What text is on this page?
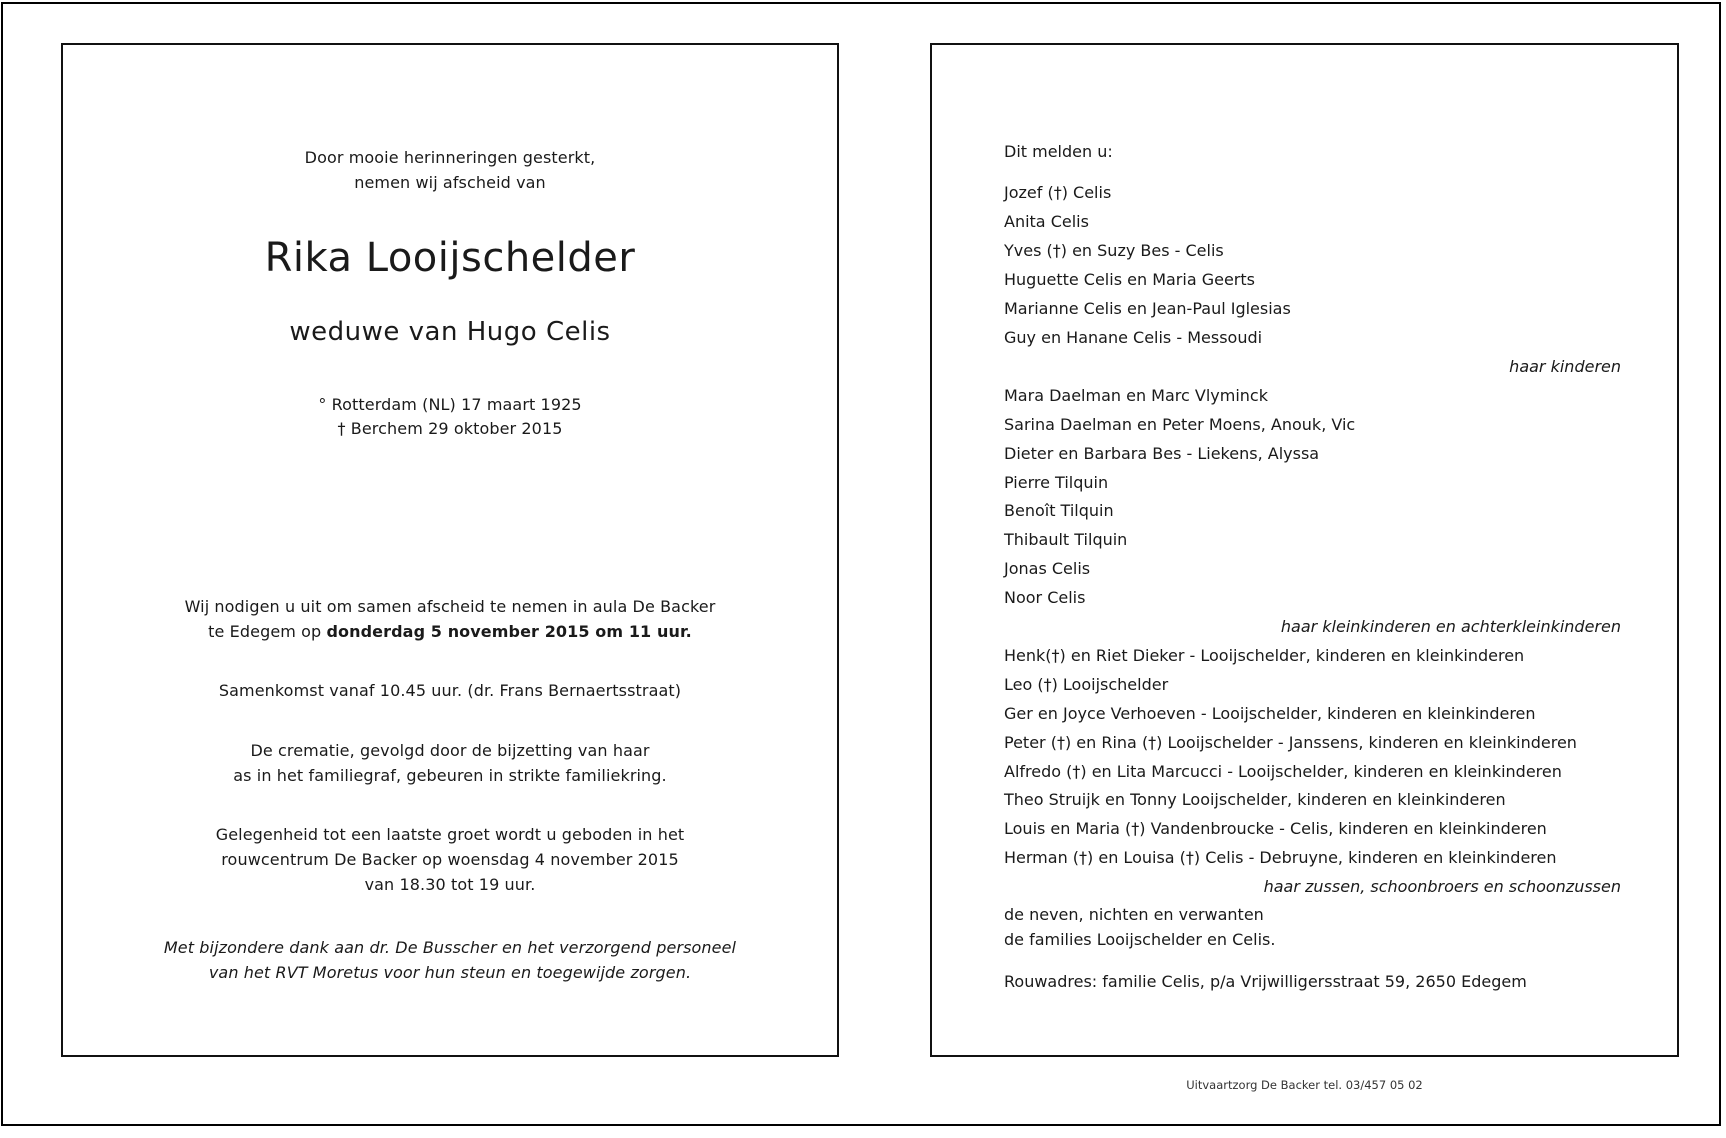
Door mooie herinneringen gesterkt,
nemen wij afscheid van
Rika Looijschelder
weduwe van Hugo Celis
° Rotterdam (NL) 17 maart 1925
† Berchem 29 oktober 2015
Wij nodigen u uit om samen afscheid te nemen in aula De Backer
te Edegem op donderdag 5 november 2015 om 11 uur.
Samenkomst vanaf 10.45 uur. (dr. Frans Bernaertsstraat)
De crematie, gevolgd door de bijzetting van haar
as in het familiegraf, gebeuren in strikte familiekring.
Gelegenheid tot een laatste groet wordt u geboden in het
rouwcentrum De Backer op woensdag 4 november 2015
van 18.30 tot 19 uur.
Met bijzondere dank aan dr. De Busscher en het verzorgend personeel
van het RVT Moretus voor hun steun en toegewijde zorgen.
Dit melden u:
Jozef (†) Celis
Anita Celis
Yves (†) en Suzy Bes - Celis
Huguette Celis en Maria Geerts
Marianne Celis en Jean-Paul Iglesias
Guy en Hanane Celis - Messoudi
haar kinderen
Mara Daelman en Marc Vlyminck
Sarina Daelman en Peter Moens, Anouk, Vic
Dieter en Barbara Bes - Liekens, Alyssa
Pierre Tilquin
Benoît Tilquin
Thibault Tilquin
Jonas Celis
Noor Celis
haar kleinkinderen en achterkleinkinderen
Henk(†) en Riet Dieker - Looijschelder, kinderen en kleinkinderen
Leo (†) Looijschelder
Ger en Joyce Verhoeven - Looijschelder, kinderen en kleinkinderen
Peter (†) en Rina (†) Looijschelder - Janssens, kinderen en kleinkinderen
Alfredo (†) en Lita Marcucci - Looijschelder, kinderen en kleinkinderen
Theo Struijk en Tonny Looijschelder, kinderen en kleinkinderen
Louis en Maria (†) Vandenbroucke - Celis, kinderen en kleinkinderen
Herman (†) en Louisa (†) Celis - Debruyne, kinderen en kleinkinderen
haar zussen, schoonbroers en schoonzussen
de neven, nichten en verwanten
de families Looijschelder en Celis.
Rouwadres: familie Celis, p/a Vrijwilligersstraat 59, 2650 Edegem
Uitvaartzorg De Backer tel. 03/457 05 02
